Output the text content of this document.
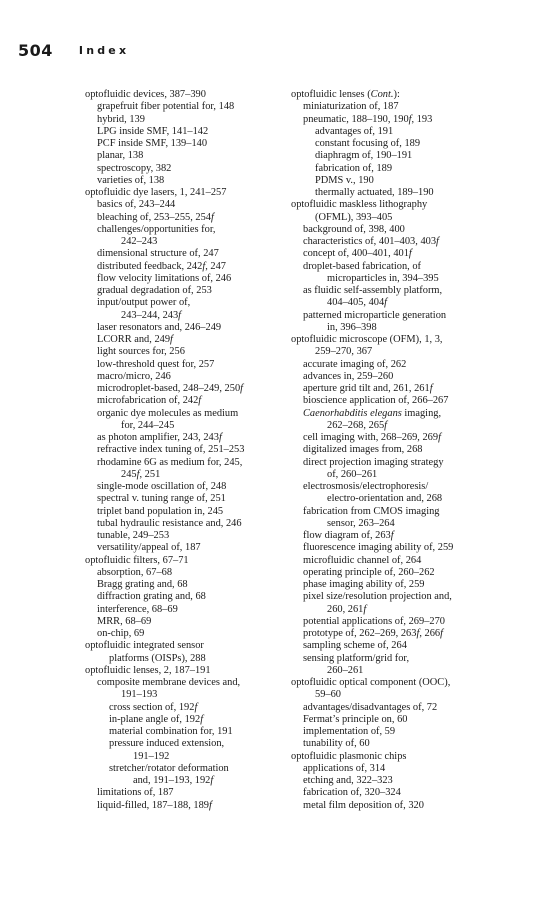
504 Index
optofluidic devices, 387–390
grapefruit fiber potential for, 148
hybrid, 139
LPG inside SMF, 141–142
PCF inside SMF, 139–140
planar, 138
spectroscopy, 382
varieties of, 138
optofluidic dye lasers, 1, 241–257
basics of, 243–244
bleaching of, 253–255, 254f
challenges/opportunities for,
242–243
dimensional structure of, 247
distributed feedback, 242f, 247
flow velocity limitations of, 246
gradual degradation of, 253
input/output power of,
243–244, 243f
laser resonators and, 246–249
LCORR and, 249f
light sources for, 256
low-threshold quest for, 257
macro/micro, 246
microdroplet-based, 248–249, 250f
microfabrication of, 242f
organic dye molecules as medium
for, 244–245
as photon amplifier, 243, 243f
refractive index tuning of, 251–253
rhodamine 6G as medium for, 245,
245f, 251
single-mode oscillation of, 248
spectral v. tuning range of, 251
triplet band population in, 245
tubal hydraulic resistance and, 246
tunable, 249–253
versatility/appeal of, 187
optofluidic filters, 67–71
absorption, 67–68
Bragg grating and, 68
diffraction grating and, 68
interference, 68–69
MRR, 68–69
on-chip, 69
optofluidic integrated sensor
platforms (OISPs), 288
optofluidic lenses, 2, 187–191
composite membrane devices and,
191–193
cross section of, 192f
in-plane angle of, 192f
material combination for, 191
pressure induced extension,
191–192
stretcher/rotator deformation
and, 191–193, 192f
limitations of, 187
liquid-filled, 187–188, 189f
optofluidic lenses (Cont.):
miniaturization of, 187
pneumatic, 188–190, 190f, 193
advantages of, 191
constant focusing of, 189
diaphragm of, 190–191
fabrication of, 189
PDMS v., 190
thermally actuated, 189–190
optofluidic maskless lithography
(OFML), 393–405
background of, 398, 400
characteristics of, 401–403, 403f
concept of, 400–401, 401f
droplet-based fabrication, of
microparticles in, 394–395
as fluidic self-assembly platform,
404–405, 404f
patterned microparticle generation
in, 396–398
optofluidic microscope (OFM), 1, 3,
259–270, 367
accurate imaging of, 262
advances in, 259–260
aperture grid tilt and, 261, 261f
bioscience application of, 266–267
Caenorhabditis elegans imaging,
262–268, 265f
cell imaging with, 268–269, 269f
digitalized images from, 268
direct projection imaging strategy
of, 260–261
electrosmosis/electrophoresis/
electro-orientation and, 268
fabrication from CMOS imaging
sensor, 263–264
flow diagram of, 263f
fluorescence imaging ability of, 259
microfluidic channel of, 264
operating principle of, 260–262
phase imaging ability of, 259
pixel size/resolution projection and,
260, 261f
potential applications of, 269–270
prototype of, 262–269, 263f, 266f
sampling scheme of, 264
sensing platform/grid for,
260–261
optofluidic optical component (OOC),
59–60
advantages/disadvantages of, 72
Fermat’s principle on, 60
implementation of, 59
tunability of, 60
optofluidic plasmonic chips
applications of, 314
etching and, 322–323
fabrication of, 320–324
metal film deposition of, 320
